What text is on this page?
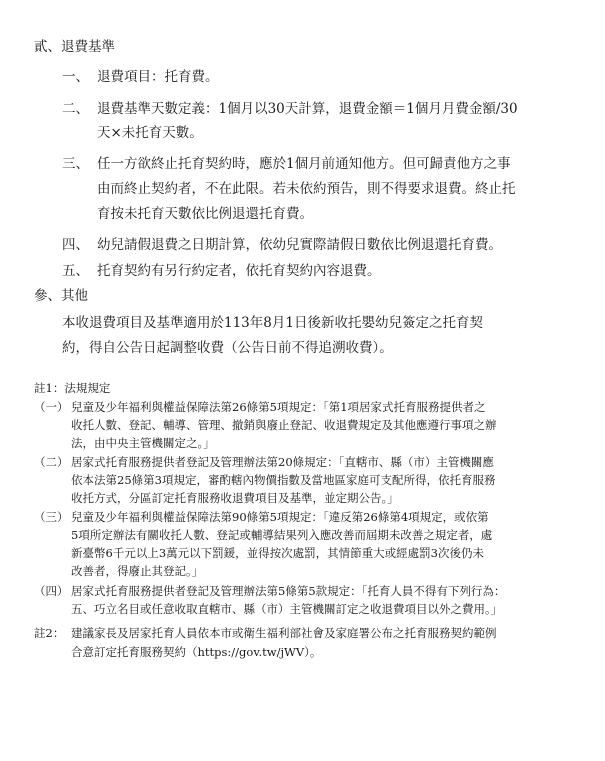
貳、退費基準
一、 退費項目：托育費。
二、 退費基準天數定義：1個月以30天計算，退費金額＝1個月月費金額/30
天×未托育天數。
三、 任一方欲終止托育契約時，應於1個月前通知他方。但可歸責他方之事
由而終止契約者，不在此限。若未依約預告，則不得要求退費。終止托
育按未托育天數依比例退還托育費。
四、 幼兒請假退費之日期計算，依幼兒實際請假日數依比例退還托育費。
五、 托育契約有另行約定者，依托育契約內容退費。
參、其他
本收退費項目及基準適用於113年8月1日後新收托嬰幼兒簽定之托育契
約，得自公告日起調整收費（公告日前不得追溯收費）。
註1：法規規定
（一） 兒童及少年福利與權益保障法第26條第5項規定：「第1項居家式托育服務提供者之
收托人數、登記、輔導、管理、撤銷與廢止登記、收退費規定及其他應遵行事項之辦
法，由中央主管機關定之。」
（二） 居家式托育服務提供者登記及管理辦法第20條規定：「直轄市、縣（市）主管機關應
依本法第25條第3項規定，審酌轄內物價指數及當地區家庭可支配所得，依托育服務
收托方式，分區訂定托育服務收退費項目及基準，並定期公告。」
（三） 兒童及少年福利與權益保障法第90條第5項規定：「違反第26條第4項規定，或依第
5項所定辦法有關收托人數、登記或輔導結果列入應改善而屆期未改善之規定者，處
新臺幣6千元以上3萬元以下罰鍰，並得按次處罰，其情節重大或經處罰3次後仍未
改善者，得廢止其登記。」
（四） 居家式托育服務提供者登記及管理辦法第5條第5款規定：「托育人員不得有下列行為：
五、巧立名目或任意收取直轄市、縣（市）主管機關訂定之收退費項目以外之費用。」
註2： 建議家長及居家托育人員依本市或衛生福利部社會及家庭署公布之托育服務契約範例
合意訂定托育服務契約（https://gov.tw/jWV）。
